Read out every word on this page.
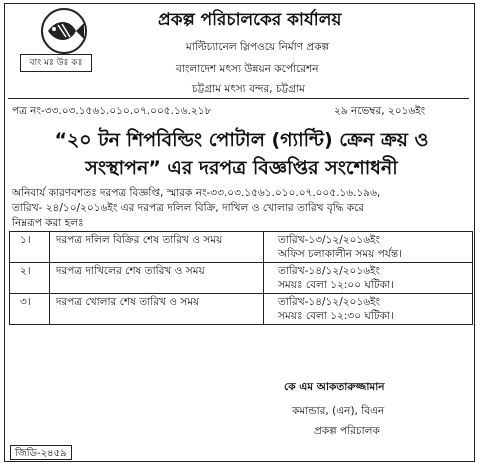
বাং মঃ উঃ কঃ
প্রকল্প পরিচালকের কার্যালয়
মাল্টিচ্যানেল স্লিপওয়ে নির্মাণ প্রকল্প
বাংলাদেশ মৎস্য উন্নয়ন কর্পোরেশন
চট্টগ্রাম মৎস্য বন্দর, চট্টগ্রাম
পত্র নং-৩৩.০৩.১৫৬১.০১০.০৭.০০৫.১৬.২১৮	২৯ নভেম্বর, ২০১৬ইং
“২০ টন শিপবিল্ডিং পোটাল (গ্যান্টি) ক্রেন ক্রয় ও
সংস্থাপন” এর দরপত্র বিজ্ঞপ্তির সংশোধনী
অনিবার্য কারণবশতঃ দরপত্র বিজ্ঞপ্তি, স্মারক নং-৩৩.০৩.১৫৬১.০১০.০৭.০০৫.১৬.১৯৬,
তারিখ- ২৪/১০/২০১৬ইং এর দরপত্র দলিল বিক্রি, দাখিল ও খোলার তারিখ বৃদ্ধি করে
নিম্নরূপ করা হলঃ
১।	দরপত্র দলিল বিক্রির শেষ তারিখ ও সময়	তারিখ-১৩/১২/২০১৬ইং
অফিস চলাকালীন সময় পর্যন্ত।

২।	দরপত্র দাখিলের শেষ তারিখ ও সময়	তারিখ-১৪/১২/২০১৬ইং
সময়ঃ বেলা ১২:০০ ঘটিকা।

৩।	দরপত্র খোলার শেষ তারিখ ও সময়	তারিখ-১৪/১২/২০১৬ইং
সময়ঃ বেলা ১২:৩০ ঘটিকা।
কে এম আকতারুজ্জামান
কমান্ডার, (এন), বিএন
প্রকল্প পরিচালক
জিডি-২৪৫৯
